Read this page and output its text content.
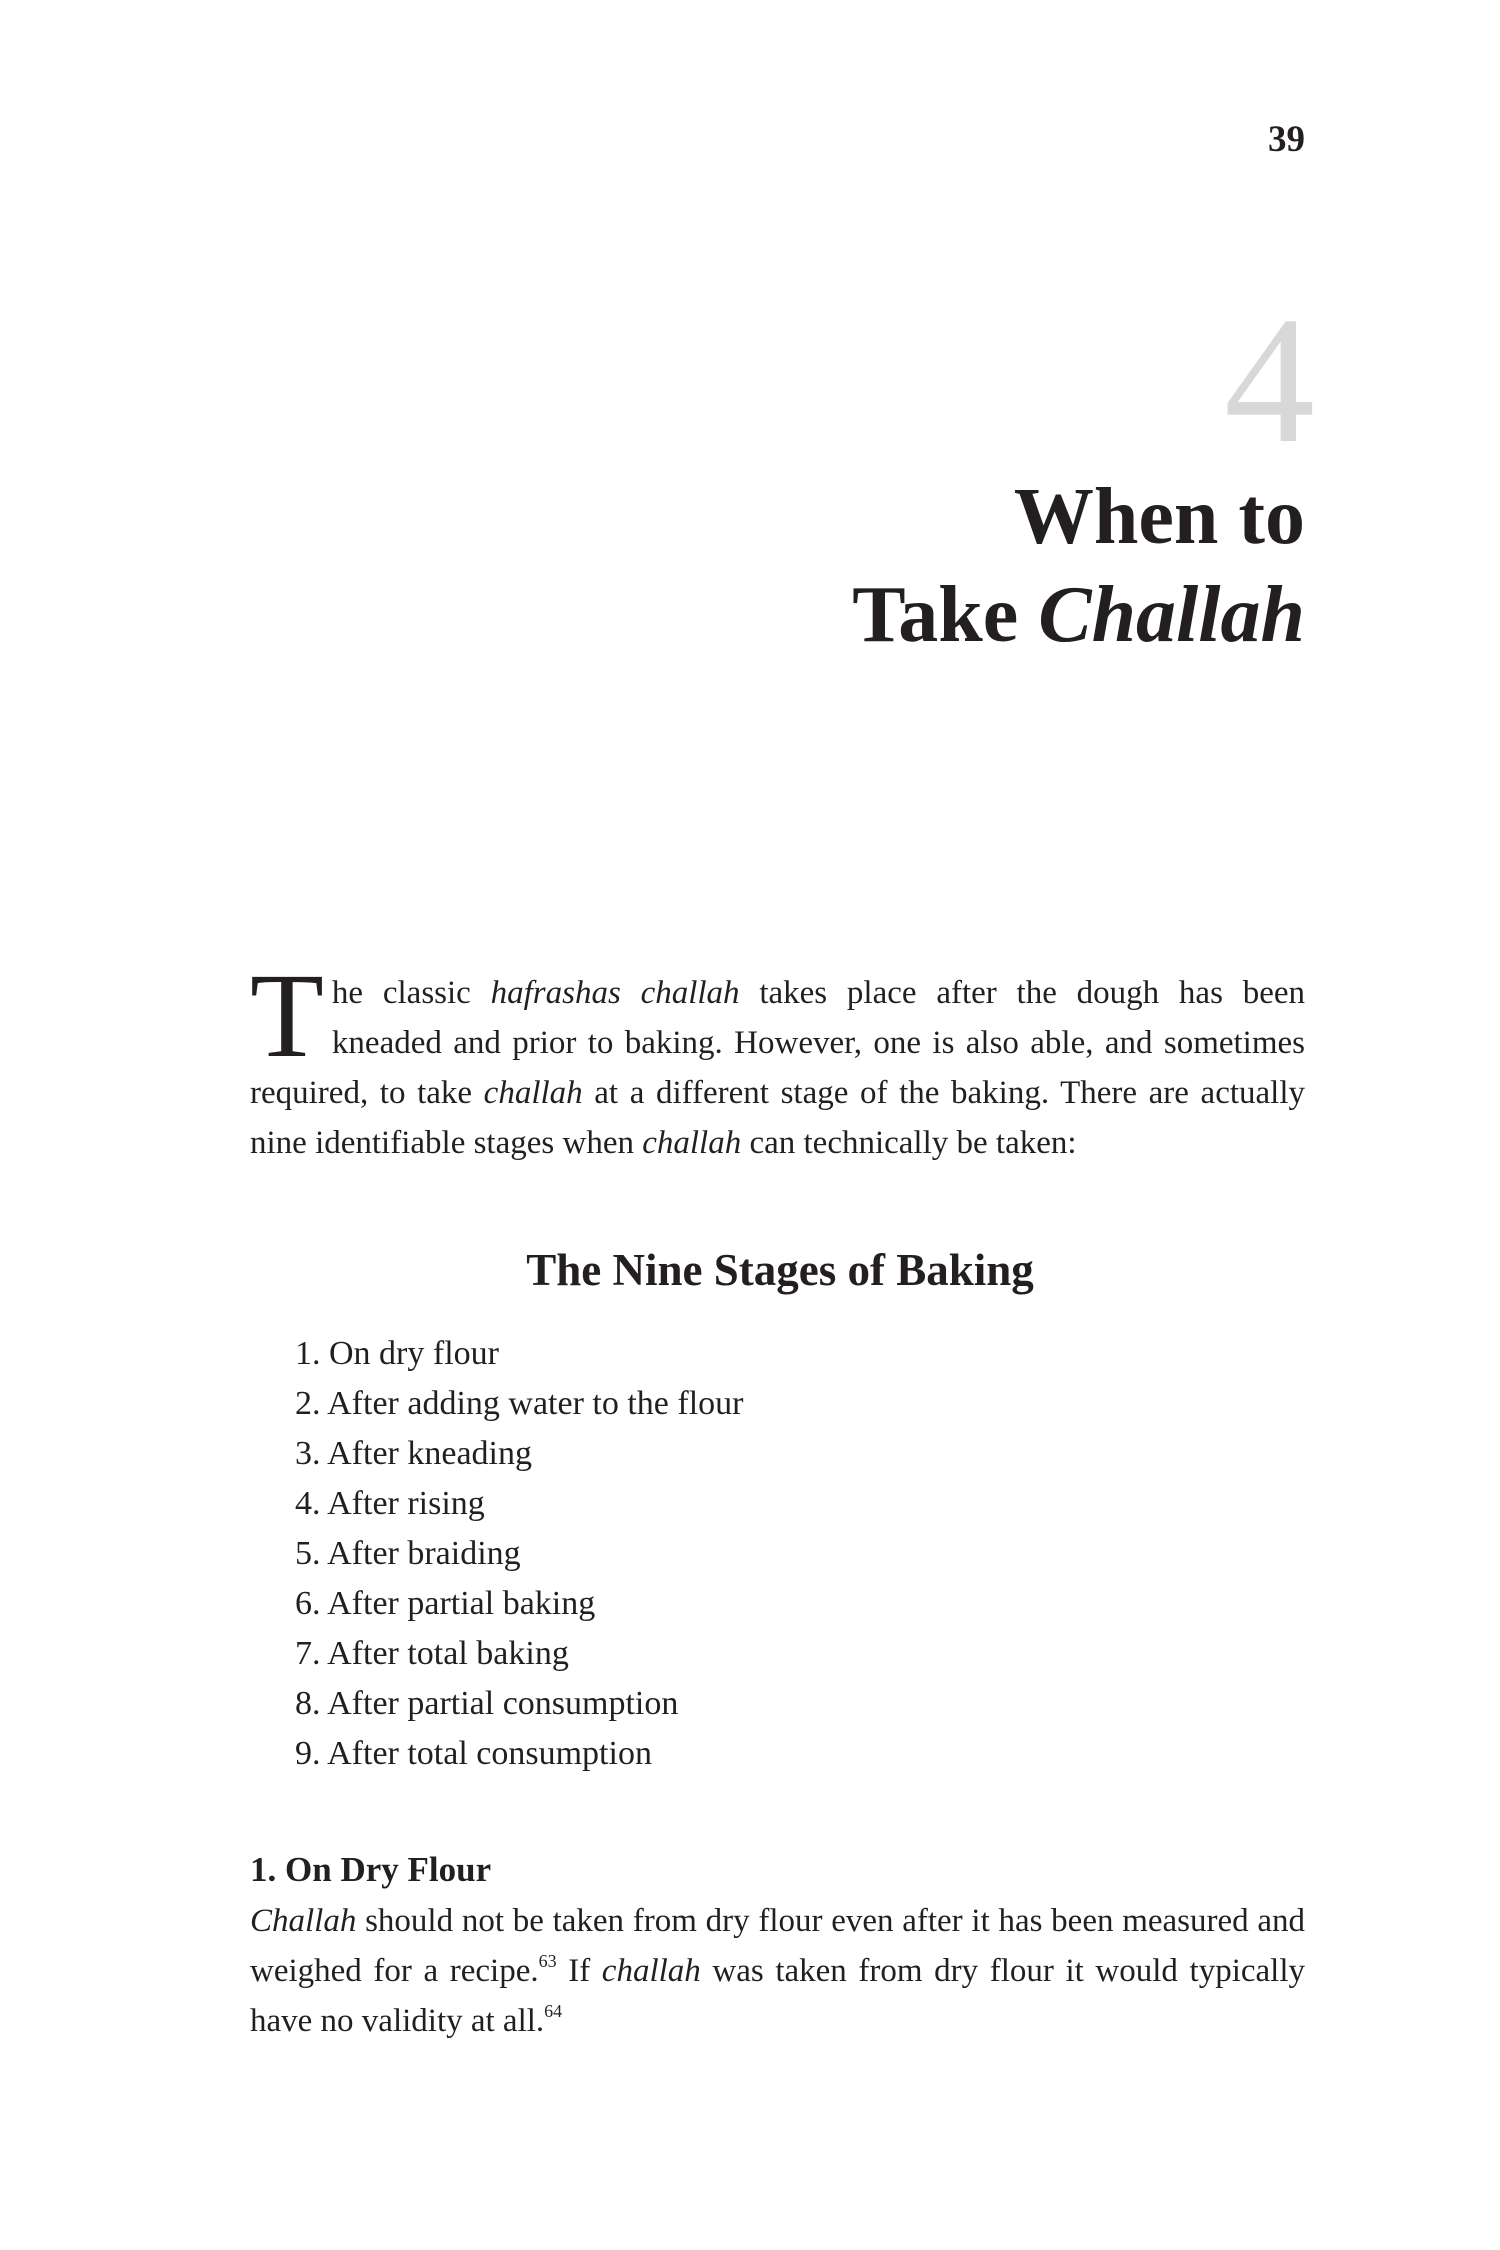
39
4
When to
Take Challah

The classic hafrashas challah takes place after the dough has been kneaded and prior to baking. However, one is also able, and sometimes required, to take challah at a different stage of the baking. There are actually nine identifiable stages when challah can technically be taken:

The Nine Stages of Baking
1. On dry flour
2. After adding water to the flour
3. After kneading
4. After rising
5. After braiding
6. After partial baking
7. After total baking
8. After partial consumption
9. After total consumption
1. On Dry Flour

Challah should not be taken from dry flour even after it has been measured and weighed for a recipe.$^{63}$ If challah was taken from dry flour it would typically have no validity at all.$^{64}$
